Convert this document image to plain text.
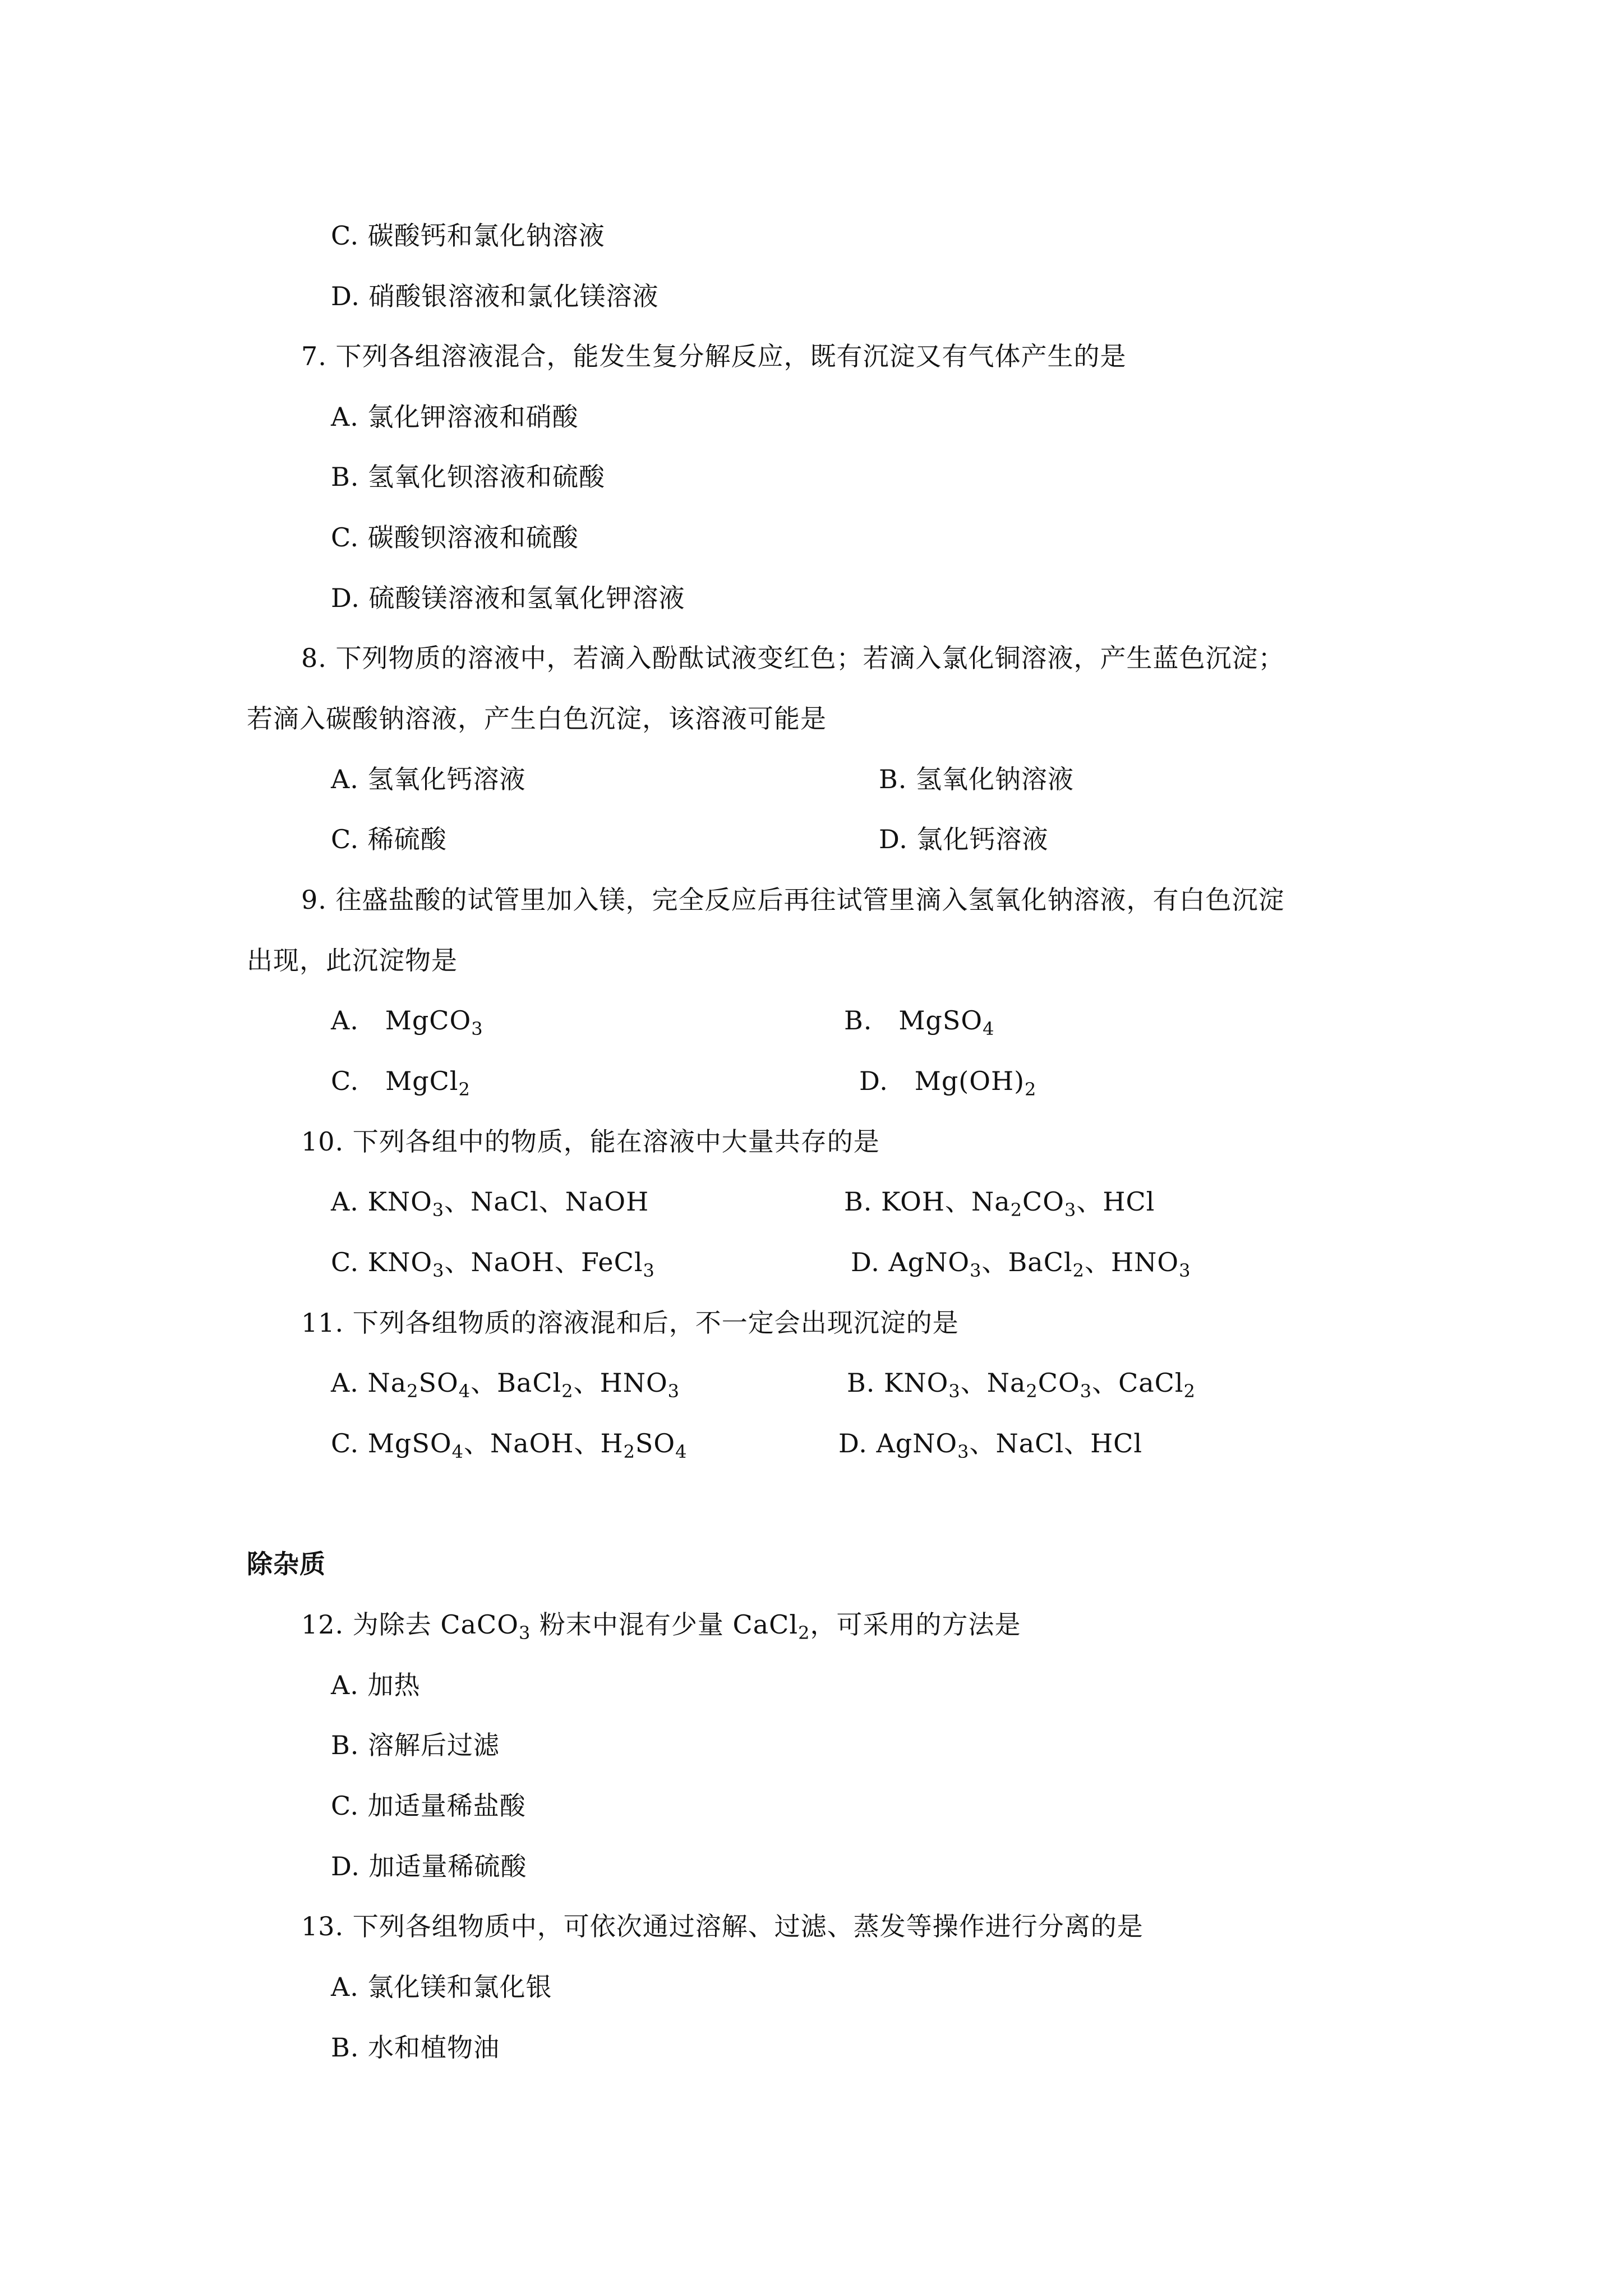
C. 碳酸钙和氯化钠溶液
D. 硝酸银溶液和氯化镁溶液
7. 下列各组溶液混合，能发生复分解反应，既有沉淀又有气体产生的是
A. 氯化钾溶液和硝酸
B. 氢氧化钡溶液和硫酸
C. 碳酸钡溶液和硫酸
D. 硫酸镁溶液和氢氧化钾溶液
8. 下列物质的溶液中，若滴入酚酞试液变红色；若滴入氯化铜溶液，产生蓝色沉淀；
若滴入碳酸钠溶液，产生白色沉淀，该溶液可能是
A. 氢氧化钙溶液	B. 氢氧化钠溶液
C. 稀硫酸	D. 氯化钙溶液
9. 往盛盐酸的试管里加入镁，完全反应后再往试管里滴入氢氧化钠溶液，有白色沉淀
出现，此沉淀物是
A. MgCO$_3$	B. MgSO$_4$
C. MgCl$_2$	D. $Mg(OH)_2$
10. 下列各组中的物质，能在溶液中大量共存的是
A. $KNO_3$、NaCl、NaOH	B. KOH、$Na_2CO_3$、HCl
C. $KNO_3$、NaOH、FeCl$_3$	D. AgNO$_3$、BaCl$_2$、$HNO_3$
11. 下列各组物质的溶液混和后，不一定会出现沉淀的是
A. $Na_2SO_4$、BaCl$_2$、$HNO_3$	B. $KNO_3$、$Na_2CO_3$、CaCl$_2$
C. MgSO$_4$、NaOH、$H_2SO_4$	D. AgNO$_3$、NaCl、HCl
除杂质
12. 为除去 CaCO$_3$ 粉末中混有少量 CaCl$_2$，可采用的方法是
A. 加热
B. 溶解后过滤
C. 加适量稀盐酸
D. 加适量稀硫酸
13. 下列各组物质中，可依次通过溶解、过滤、蒸发等操作进行分离的是
A. 氯化镁和氯化银
B. 水和植物油
